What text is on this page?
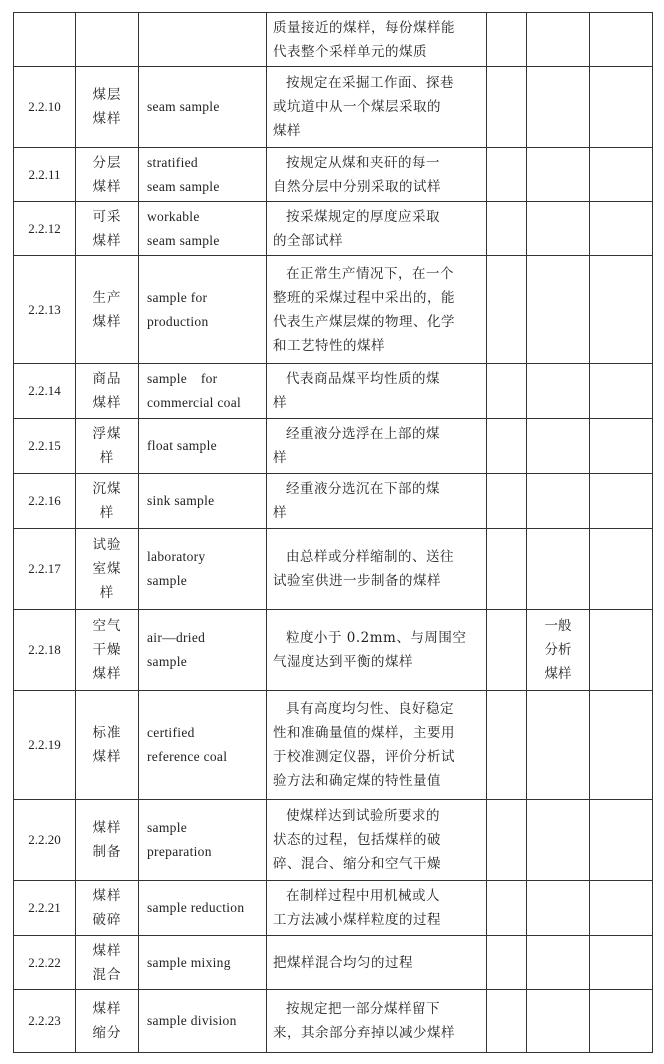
			质量接近的煤样，每份煤样能
代表整个采样单元的煤质			

2.2.10	煤层
煤样	seam sample	按规定在采掘工作面、探巷
或坑道中从一个煤层采取的
煤样			

2.2.11	分层
煤样	stratified
seam sample	按规定从煤和夹矸的每一
自然分层中分别采取的试样			

2.2.12	可采
煤样	workable
seam sample	按采煤规定的厚度应采取
的全部试样			

2.2.13	生产
煤样	sample for
production	在正常生产情况下，在一个
整班的采煤过程中采出的，能
代表生产煤层煤的物理、化学
和工艺特性的煤样			

2.2.14	商品
煤样	sample　for
commercial coal	代表商品煤平均性质的煤
样			

2.2.15	浮煤
样	float sample	经重液分选浮在上部的煤
样			

2.2.16	沉煤
样	sink sample	经重液分选沉在下部的煤
样			

2.2.17	试验
室煤
样	laboratory
sample	由总样或分样缩制的、送往
试验室供进一步制备的煤样			

2.2.18	空气
干燥
煤样	air—dried
sample	粒度小于 0.2mm、与周围空
气湿度达到平衡的煤样		一般
分析
煤样	

2.2.19	标准
煤样	certified
reference coal	具有高度均匀性、良好稳定
性和准确量值的煤样，主要用
于校准测定仪器，评价分析试
验方法和确定煤的特性量值			

2.2.20	煤样
制备	sample
preparation	使煤样达到试验所要求的
状态的过程，包括煤样的破
碎、混合、缩分和空气干燥			

2.2.21	煤样
破碎	sample reduction	在制样过程中用机械或人
工方法减小煤样粒度的过程			

2.2.22	煤样
混合	sample mixing	把煤样混合均匀的过程			

2.2.23	煤样
缩分	sample division	按规定把一部分煤样留下
来，其余部分弃掉以减少煤样			
